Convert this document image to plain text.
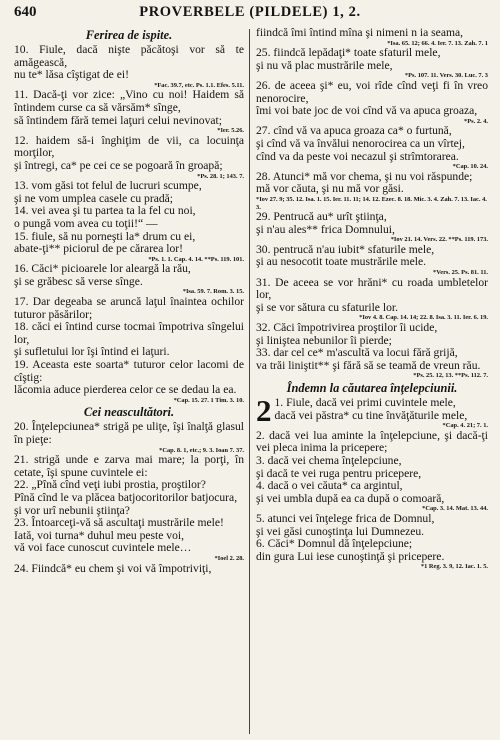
640	PROVERBELE (PILDELE) 1, 2.
Ferirea de ispite.

10. Fiule, dacă nişte păcătoşi vor să te amăgească,

nu te* lăsa cîştigat de ei!

*Fac. 39.7, etc. Ps. 1.1. Efes. 5.11.

11. Dacă-ţi vor zice: „Vino cu noi! Haidem să întindem curse ca să vărsăm* sînge,

să întindem fără temei laţuri celui nevinovat;

*Ier. 5.26.

12. haidem să-i înghiţim de vii, ca locuinţa morţilor,

şi întregi, ca* pe cei ce se pogoară în groapă;

*Ps. 28. 1; 143. 7.

13. vom găsi tot felul de lucruri scumpe,

şi ne vom umplea casele cu pradă;

14. vei avea şi tu partea ta la fel cu noi,

o pungă vom avea cu toţii!“ —

15. fiule, să nu porneşti la* drum cu ei,

abate-ţi** piciorul de pe cărarea lor!

*Ps. 1. 1. Cap. 4. 14. **Ps. 119. 101.

16. Căci* picioarele lor aleargă la rău,

şi se grăbesc să verse sînge.

*Isa. 59. 7. Rom. 3. 15.

17. Dar degeaba se aruncă laţul înaintea ochilor tuturor păsărilor;

18. căci ei întind curse tocmai împotriva sîngelui lor,

şi sufletului lor îşi întind ei laţuri.

19. Aceasta este soarta* tuturor celor lacomi de cîştig:

lăcomia aduce pierderea celor ce se dedau la ea.

*Cap. 15. 27. 1 Tim. 3. 10.
Cei neascultători.

20. Înţelepciunea* strigă pe uliţe, îşi înalţă glasul în pieţe:

*Cap. 8. 1, etc.; 9. 3. Ioan 7. 37.

21. strigă unde e zarva mai mare; la porţi, în cetate, îşi spune cuvintele ei:

22. „Pînă cînd veţi iubi prostia, proştilor?

Pînă cînd le va plăcea batjocoritorilor batjocura,

şi vor urî nebunii ştiinţa?

23. Întoarceţi-vă să ascultaţi mustrările mele!

Iată, voi turna* duhul meu peste voi,

vă voi face cunoscut cuvintele mele…

*Ioel 2. 28.

24. Fiindcă* eu chem şi voi vă împotriviţi,

fiindcă îmi întind mîna şi nimeni n ia seama,

*Isa. 65. 12; 66. 4. Ier. 7. 13. Zah. 7. 1

25. fiindcă lepădaţi* toate sfaturil mele,

şi nu vă plac mustrările mele,

*Ps. 107. 11. Vers. 30. Luc. 7. 3

26. de aceea şi* eu, voi rîde cînd veţi fi în vreo nenorocire,

îmi voi bate joc de voi cînd vă va apuca groaza,

*Ps. 2. 4.

27. cînd vă va apuca groaza ca* o furtună,

şi cînd vă va învălui nenorocirea ca un vîrtej,

cînd va da peste voi necazul şi strîmtorarea.

*Cap. 10. 24.

28. Atunci* mă vor chema, şi nu voi răspunde;

mă vor căuta, şi nu mă vor găsi.

*Iov 27. 9; 35. 12. Isa. 1. 15. Ier. 11. 11; 14. 12. Ezec. 8. 18. Mic. 3. 4. Zah. 7. 13. Iac. 4. 3.

29. Pentrucă au* urît ştiinţa,

şi n'au ales** frica Domnului,

*Iov 21. 14. Vers. 22. **Ps. 119. 173.

30. pentrucă n'au iubit* sfaturile mele,

şi au nesocotit toate mustrările mele.

*Vers. 25. Ps. 81. 11.

31. De aceea se vor hrăni* cu roada umbletelor lor,

şi se vor sătura cu sfaturile lor.

*Iov 4. 8. Cap. 14. 14; 22. 8. Isa. 3. 11. Ier. 6. 19.

32. Căci împotrivirea proştilor îi ucide,

şi liniştea nebunilor îi pierde;

33. dar cel ce* m'ascultă va locui fără grijă,

va trăi liniştit** şi fără să se teamă de vreun rău.

*Ps. 25. 12, 13. **Ps. 112. 7.
Îndemn la căutarea înţelepciunii.

2 1. Fiule, dacă vei primi cuvintele mele,

dacă vei păstra* cu tine învăţăturile mele,

*Cap. 4. 21; 7. 1.

2. dacă vei lua aminte la înţelepciune, şi dacă-ţi vei pleca inima la pricepere;

3. dacă vei chema înţelepciune,

şi dacă te vei ruga pentru pricepere,

4. dacă o vei căuta* ca argintul,

şi vei umbla după ea ca după o comoară,

*Cap. 3. 14. Mat. 13. 44.

5. atunci vei înţelege frica de Domnul,

şi vei găsi cunoştinţa lui Dumnezeu.

6. Căci* Domnul dă înţelepciune;

din gura Lui iese cunoştinţă şi pricepere.

*1 Reg. 3. 9, 12. Iac. 1. 5.
